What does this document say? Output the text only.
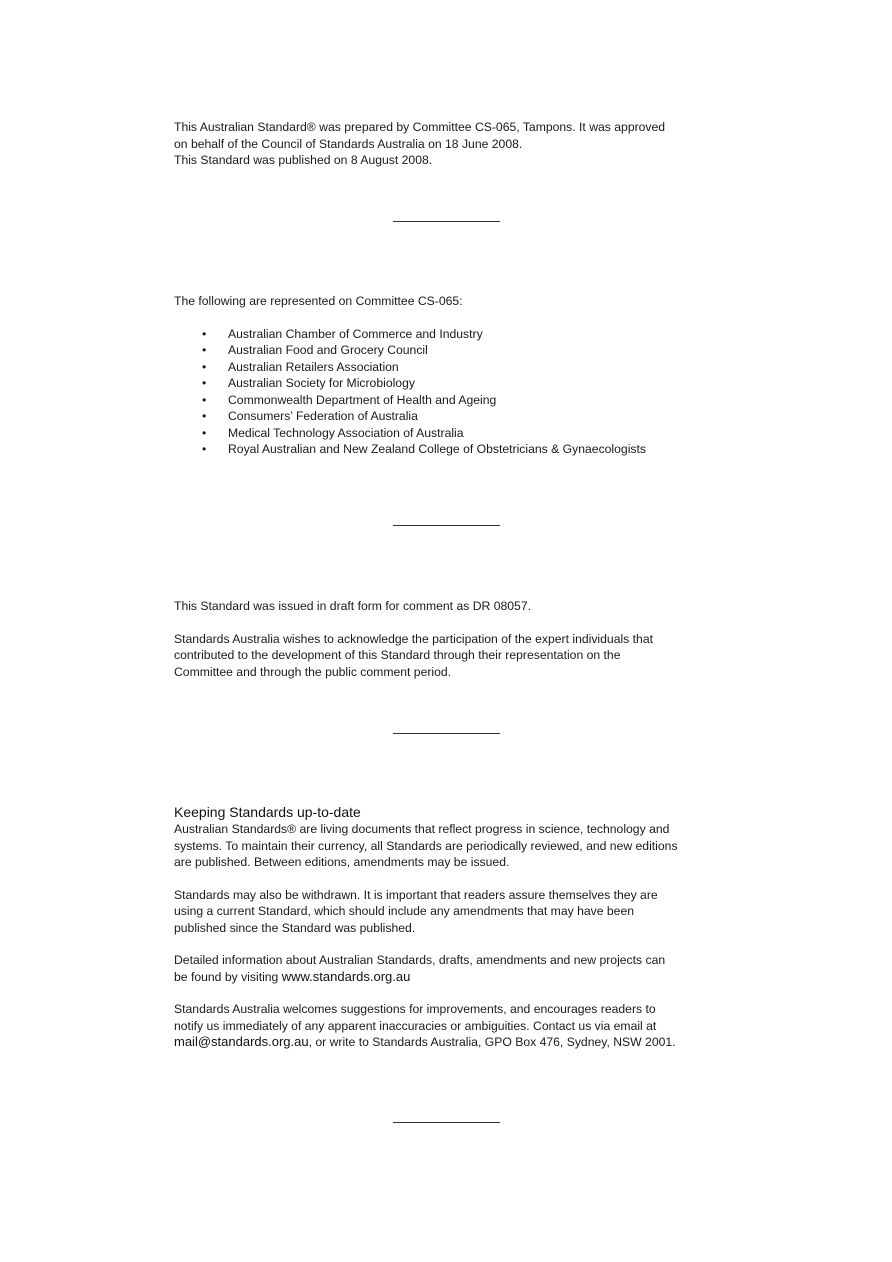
This Australian Standard® was prepared by Committee CS-065, Tampons. It was approved
on behalf of the Council of Standards Australia on 18 June 2008.
This Standard was published on 8 August 2008.
The following are represented on Committee CS-065:
• Australian Chamber of Commerce and Industry
• Australian Food and Grocery Council
• Australian Retailers Association
• Australian Society for Microbiology
• Commonwealth Department of Health and Ageing
• Consumers’ Federation of Australia
• Medical Technology Association of Australia
• Royal Australian and New Zealand College of Obstetricians & Gynaecologists
This Standard was issued in draft form for comment as DR 08057.
Standards Australia wishes to acknowledge the participation of the expert individuals that
contributed to the development of this Standard through their representation on the
Committee and through the public comment period.
Keeping Standards up-to-date
Australian Standards® are living documents that reflect progress in science, technology and
systems. To maintain their currency, all Standards are periodically reviewed, and new editions
are published. Between editions, amendments may be issued.
Standards may also be withdrawn. It is important that readers assure themselves they are
using a current Standard, which should include any amendments that may have been
published since the Standard was published.
Detailed information about Australian Standards, drafts, amendments and new projects can
be found by visiting www.standards.org.au
Standards Australia welcomes suggestions for improvements, and encourages readers to
notify us immediately of any apparent inaccuracies or ambiguities. Contact us via email at
mail@standards.org.au, or write to Standards Australia, GPO Box 476, Sydney, NSW 2001.
